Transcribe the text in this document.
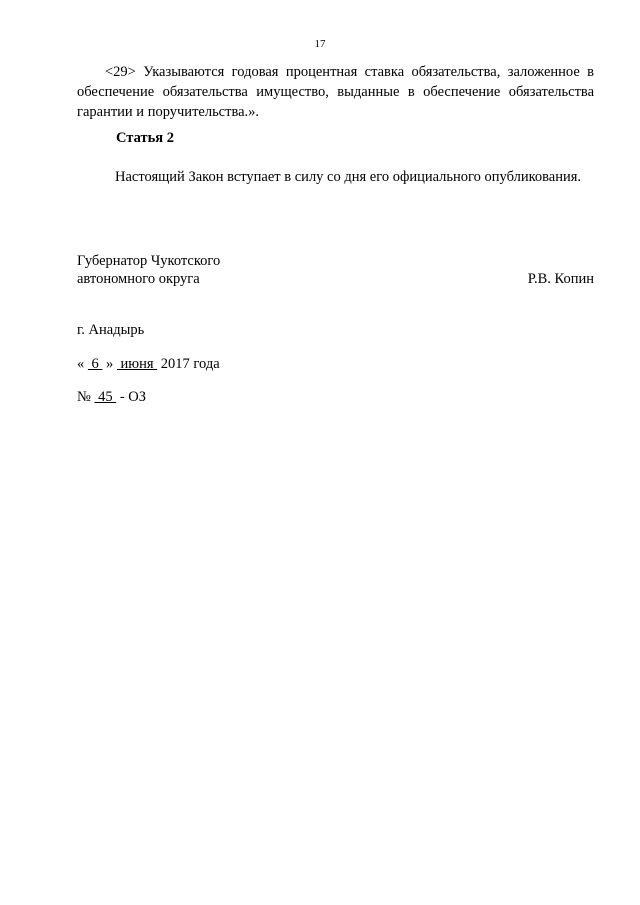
17
<29> Указываются годовая процентная ставка обязательства, заложенное в обеспечение обязательства имущество, выданные в обеспечение обязательства гарантии и поручительства.».
Статья 2
Настоящий Закон вступает в силу со дня его официального опубликования.
Губернатор Чукотского
автономного округа	Р.В. Копин
г. Анадырь
«  6  »  июня  2017 года
№  45  - ОЗ
